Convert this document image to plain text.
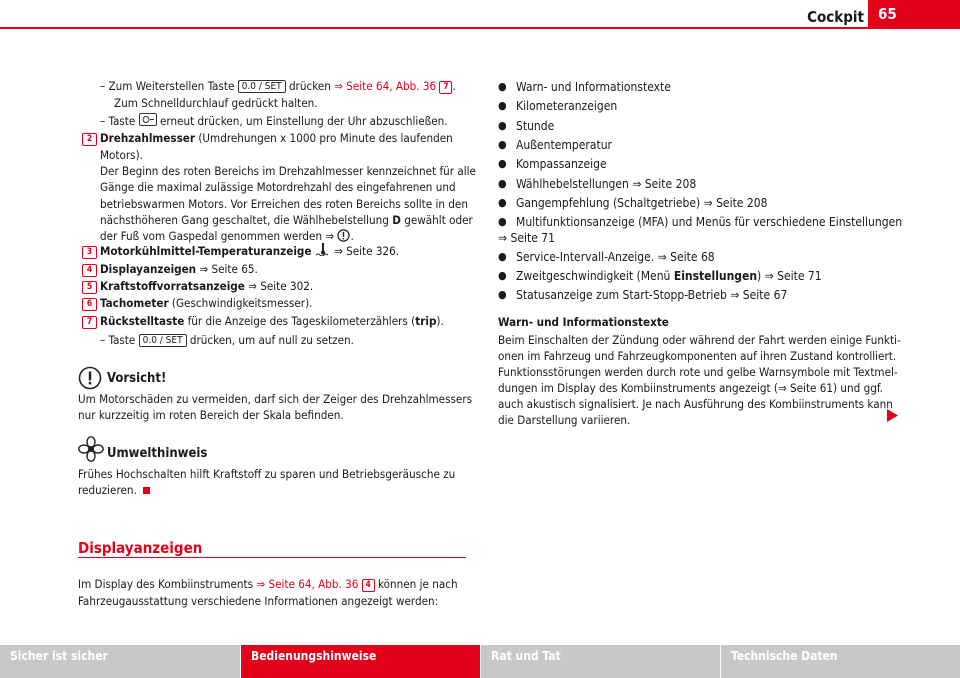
Cockpit 65
– Zum Weiterstellen Taste 0.0 / SET drücken ⇒ Seite 64, Abb. 36 7 .
Zum Schnelldurchlauf gedrückt halten.
– Taste erneut drücken, um Einstellung der Uhr abzuschließen.
2 Drehzahlmesser (Umdrehungen x 1000 pro Minute des laufenden
Motors).
Der Beginn des roten Bereichs im Drehzahlmesser kennzeichnet für alle
Gänge die maximal zulässige Motordrehzahl des eingefahrenen und
betriebswarmen Motors. Vor Erreichen des roten Bereichs sollte in den
nächsthöheren Gang geschaltet, die Wählhebelstellung D gewählt oder
der Fuß vom Gaspedal genommen werden ⇒ .
3 Motorkühlmittel-Temperaturanzeige ⇒ Seite 326.
4 Displayanzeigen ⇒ Seite 65.
5 Kraftstoffvorratsanzeige ⇒ Seite 302.
6 Tachometer (Geschwindigkeitsmesser).
7 Rückstelltaste für die Anzeige des Tageskilometerzählers (trip).
– Taste 0.0 / SET drücken, um auf null zu setzen.
Vorsicht!
Um Motorschäden zu vermeiden, darf sich der Zeiger des Drehzahlmessers
nur kurzzeitig im roten Bereich der Skala befinden.
Umwelthinweis
Frühes Hochschalten hilft Kraftstoff zu sparen und Betriebsgeräusche zu
reduzieren.
Displayanzeigen
Im Display des Kombiinstruments ⇒ Seite 64, Abb. 36 4 können je nach
Fahrzeugausstattung verschiedene Informationen angezeigt werden:
● Warn- und Informationstexte
● Kilometeranzeigen
● Stunde
● Außentemperatur
● Kompassanzeige
● Wählhebelstellungen ⇒ Seite 208
● Gangempfehlung (Schaltgetriebe) ⇒ Seite 208
● Multifunktionsanzeige (MFA) und Menüs für verschiedene Einstellungen
⇒ Seite 71
● Service-Intervall-Anzeige. ⇒ Seite 68
● Zweitgeschwindigkeit (Menü Einstellungen) ⇒ Seite 71
● Statusanzeige zum Start-Stopp-Betrieb ⇒ Seite 67
Warn- und Informationstexte
Beim Einschalten der Zündung oder während der Fahrt werden einige Funkti-
onen im Fahrzeug und Fahrzeugkomponenten auf ihren Zustand kontrolliert.
Funktionsstörungen werden durch rote und gelbe Warnsymbole mit Textmel-
dungen im Display des Kombiinstruments angezeigt (⇒ Seite 61) und ggf.
auch akustisch signalisiert. Je nach Ausführung des Kombiinstruments kann
die Darstellung variieren.
Sicher ist sicher	Bedienungshinweise	Rat und Tat	Technische Daten
